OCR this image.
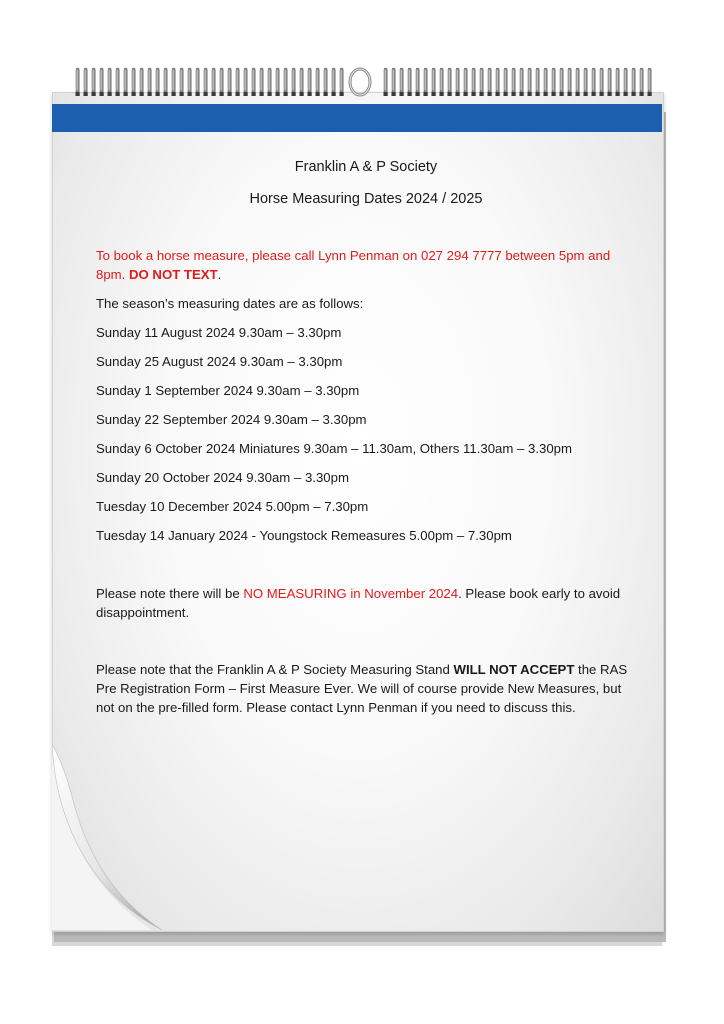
Franklin A & P Society

Horse Measuring Dates 2024 / 2025

To book a horse measure, please call Lynn Penman on 027 294 7777 between 5pm and 8pm. DO NOT TEXT.

The season’s measuring dates are as follows:

Sunday 11 August 2024 9.30am – 3.30pm

Sunday 25 August 2024 9.30am – 3.30pm

Sunday 1 September 2024 9.30am – 3.30pm

Sunday 22 September 2024 9.30am – 3.30pm

Sunday 6 October 2024 Miniatures 9.30am – 11.30am, Others 11.30am – 3.30pm

Sunday 20 October 2024 9.30am – 3.30pm

Tuesday 10 December 2024 5.00pm – 7.30pm

Tuesday 14 January 2024 - Youngstock Remeasures 5.00pm – 7.30pm

Please note there will be NO MEASURING in November 2024. Please book early to avoid disappointment.

Please note that the Franklin A & P Society Measuring Stand WILL NOT ACCEPT the RAS Pre Registration Form – First Measure Ever. We will of course provide New Measures, but not on the pre-filled form. Please contact Lynn Penman if you need to discuss this.
